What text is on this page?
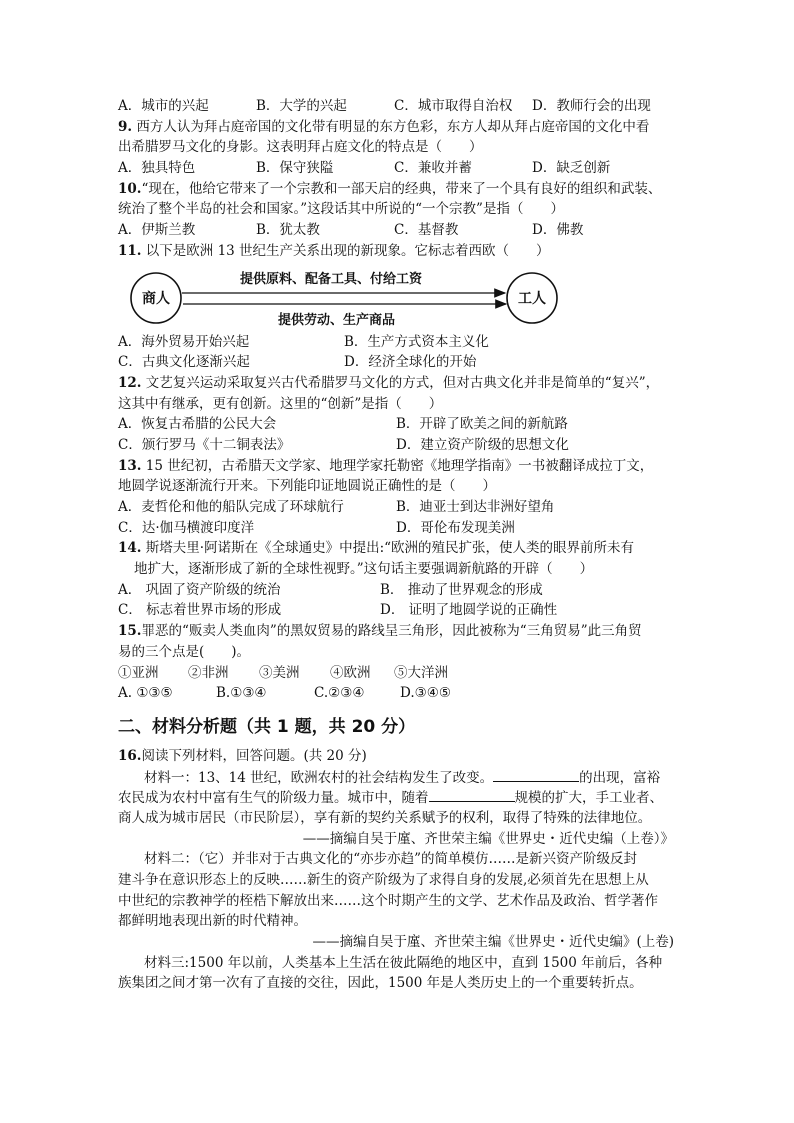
A．城市的兴起	B．大学的兴起	C．城市取得自治权 D．教师行会的出现
9. 西方人认为拜占庭帝国的文化带有明显的东方色彩，东方人却从拜占庭帝国的文化中看
出希腊罗马文化的身影。这表明拜占庭文化的特点是（　　）
A．独具特色	B．保守狭隘	C．兼收并蓄	D．缺乏创新
10.“现在，他给它带来了一个宗教和一部天启的经典，带来了一个具有良好的组织和武装、
统治了整个半岛的社会和国家。”这段话其中所说的“一个宗教”是指（　　）
A．伊斯兰教	B．犹太教	C．基督教	D．佛教
11. 以下是欧洲 13 世纪生产关系出现的新现象。它标志着西欧（　　）
商人	工人
提供原料、配备工具、付给工资
提供劳动、生产商品
A．海外贸易开始兴起	B．生产方式资本主义化
C．古典文化逐渐兴起	D．经济全球化的开始
12. 文艺复兴运动采取复兴古代希腊罗马文化的方式，但对古典文化并非是简单的“复兴”，
这其中有继承，更有创新。这里的“创新”是指（　　）
A．恢复古希腊的公民大会	B．开辟了欧美之间的新航路
C．颁行罗马《十二铜表法》	D．建立资产阶级的思想文化
13. 15 世纪初，古希腊天文学家、地理学家托勒密《地理学指南》一书被翻译成拉丁文，
地圆学说逐渐流行开来。下列能印证地圆说正确性的是（　　）
A．麦哲伦和他的船队完成了环球航行	B．迪亚士到达非洲好望角
C．达·伽马横渡印度洋	D．哥伦布发现美洲
14. 斯塔夫里·阿诺斯在《全球通史》中提出:“欧洲的殖民扩张，使人类的眼界前所未有
地扩大，逐渐形成了新的全球性视野。”这句话主要强调新航路的开辟（　　）
A． 巩固了资产阶级的统治	B． 推动了世界观念的形成
C． 标志着世界市场的形成	D． 证明了地圆学说的正确性
15.罪恶的“贩卖人类血肉”的黑奴贸易的路线呈三角形，因此被称为“三角贸易”此三角贸
易的三个点是(　　)。
①亚洲 ②非洲 ③美洲 ④欧洲 ⑤大洋洲
A. ①③⑤	B.①③④	C.②③④	D.③④⑤
二、材料分析题（共 1 题，共 20 分）
16.阅读下列材料，回答问题。(共 20 分)
材料一：13、14 世纪，欧洲农村的社会结构发生了改变。	的出现，富裕
农民成为农村中富有生气的阶级力量。城市中，随着	规模的扩大，手工业者、
商人成为城市居民（市民阶层），享有新的契约关系赋予的权利，取得了特殊的法律地位。
——摘编自吴于廑、齐世荣主编《世界史・近代史编（上卷）》
材料二：（它）并非对于古典文化的“亦步亦趋”的简单模仿……是新兴资产阶级反封
建斗争在意识形态上的反映……新生的资产阶级为了求得自身的发展,必须首先在思想上从
中世纪的宗教神学的桎梏下解放出来……这个时期产生的文学、艺术作品及政治、哲学著作
都鲜明地表现出新的时代精神。
——摘编自吴于廑、齐世荣主编《世界史・近代史编》(上卷)
材料三:1500 年以前，人类基本上生活在彼此隔绝的地区中，直到 1500 年前后，各种
族集团之间才第一次有了直接的交往，因此，1500 年是人类历史上的一个重要转折点。
